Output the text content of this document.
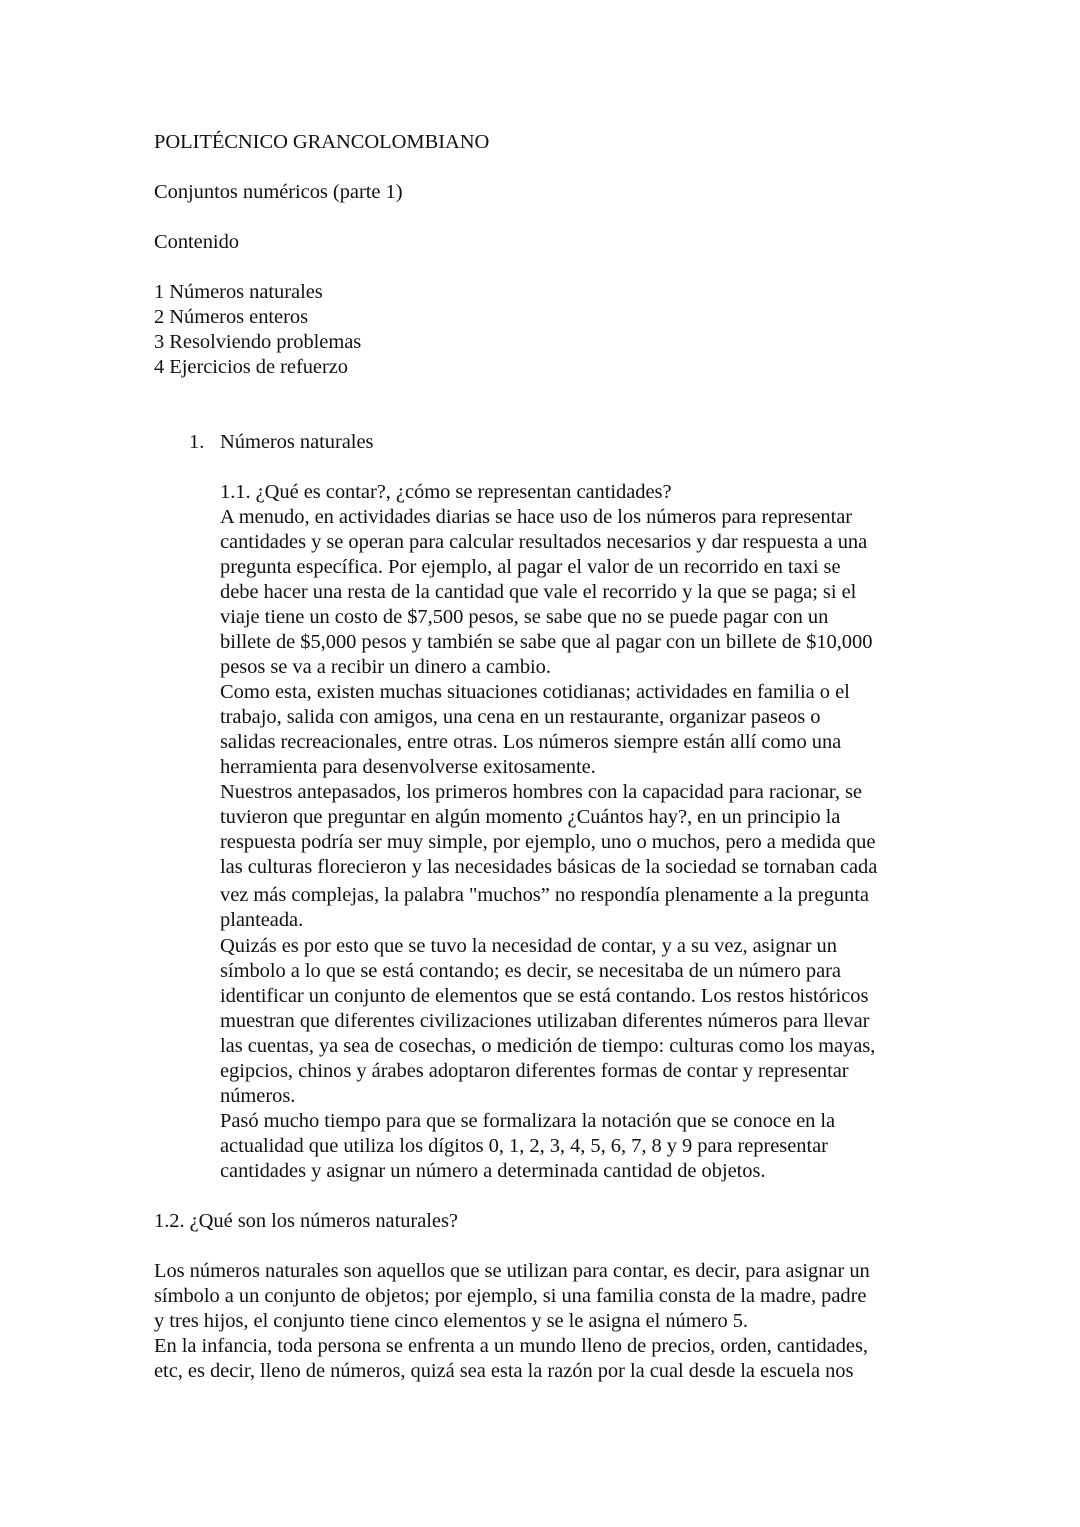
POLITÉCNICO GRANCOLOMBIANO
Conjuntos numéricos (parte 1)
Contenido
1 Números naturales
2 Números enteros
3 Resolviendo problemas
4 Ejercicios de refuerzo
1. Números naturales
1.1. ¿Qué es contar?, ¿cómo se representan cantidades?
A menudo, en actividades diarias se hace uso de los números para representar
cantidades y se operan para calcular resultados necesarios y dar respuesta a una
pregunta específica. Por ejemplo, al pagar el valor de un recorrido en taxi se
debe hacer una resta de la cantidad que vale el recorrido y la que se paga; si el
viaje tiene un costo de $7,500 pesos, se sabe que no se puede pagar con un
billete de $5,000 pesos y también se sabe que al pagar con un billete de $10,000
pesos se va a recibir un dinero a cambio.
Como esta, existen muchas situaciones cotidianas; actividades en familia o el
trabajo, salida con amigos, una cena en un restaurante, organizar paseos o
salidas recreacionales, entre otras. Los números siempre están allí como una
herramienta para desenvolverse exitosamente.
Nuestros antepasados, los primeros hombres con la capacidad para racionar, se
tuvieron que preguntar en algún momento ¿Cuántos hay?, en un principio la
respuesta podría ser muy simple, por ejemplo, uno o muchos, pero a medida que
las culturas florecieron y las necesidades básicas de la sociedad se tornaban cada
vez más complejas, la palabra "muchos” no respondía plenamente a la pregunta
planteada.
Quizás es por esto que se tuvo la necesidad de contar, y a su vez, asignar un
símbolo a lo que se está contando; es decir, se necesitaba de un número para
identificar un conjunto de elementos que se está contando. Los restos históricos
muestran que diferentes civilizaciones utilizaban diferentes números para llevar
las cuentas, ya sea de cosechas, o medición de tiempo: culturas como los mayas,
egipcios, chinos y árabes adoptaron diferentes formas de contar y representar
números.
Pasó mucho tiempo para que se formalizara la notación que se conoce en la
actualidad que utiliza los dígitos 0, 1, 2, 3, 4, 5, 6, 7, 8 y 9 para representar
cantidades y asignar un número a determinada cantidad de objetos.
1.2. ¿Qué son los números naturales?
Los números naturales son aquellos que se utilizan para contar, es decir, para asignar un
símbolo a un conjunto de objetos; por ejemplo, si una familia consta de la madre, padre
y tres hijos, el conjunto tiene cinco elementos y se le asigna el número 5.
En la infancia, toda persona se enfrenta a un mundo lleno de precios, orden, cantidades,
etc, es decir, lleno de números, quizá sea esta la razón por la cual desde la escuela nos
